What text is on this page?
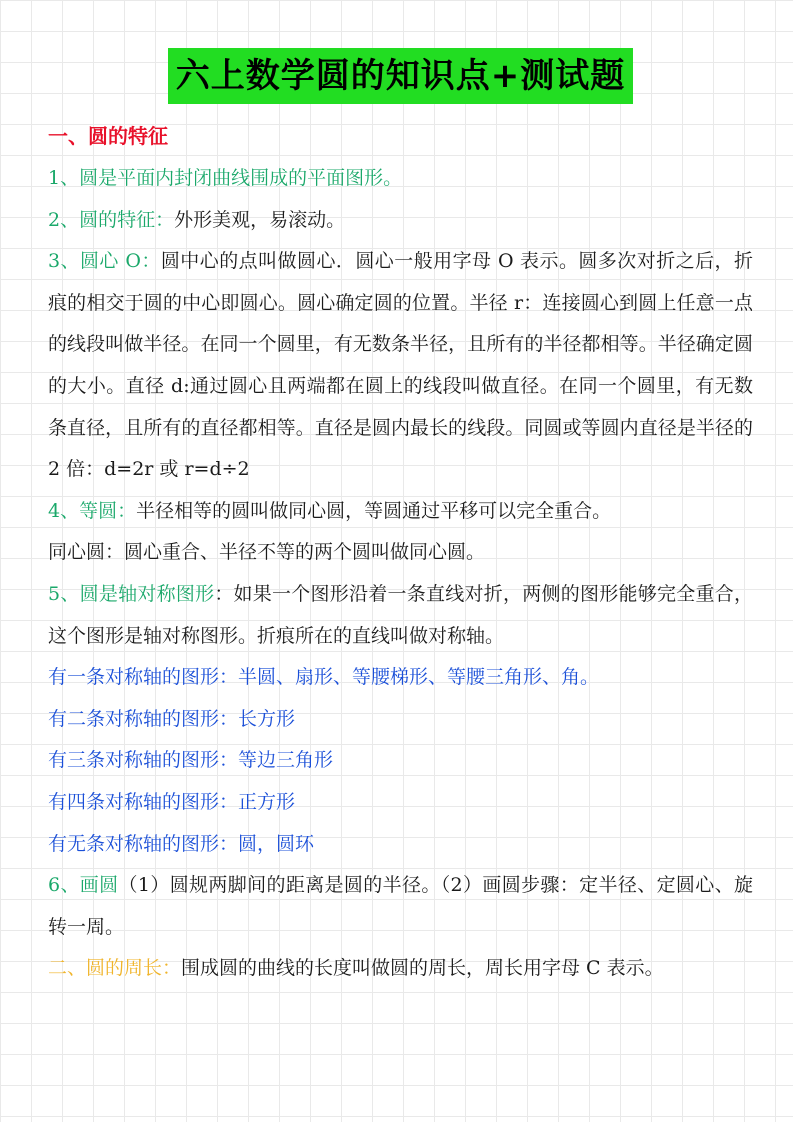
六上数学圆的知识点+测试题
一、圆的特征
1、圆是平面内封闭曲线围成的平面图形。
2、圆的特征：外形美观，易滚动。
3、圆心 O：圆中心的点叫做圆心．圆心一般用字母 O 表示。圆多次对折之后，折痕的相交于圆的中心即圆心。圆心确定圆的位置。半径 r：连接圆心到圆上任意一点的线段叫做半径。在同一个圆里，有无数条半径，且所有的半径都相等。半径确定圆的大小。直径 d:通过圆心且两端都在圆上的线段叫做直径。在同一个圆里，有无数条直径，且所有的直径都相等。直径是圆内最长的线段。同圆或等圆内直径是半径的 2 倍：d=2r 或 r=d÷2
4、等圆：半径相等的圆叫做同心圆，等圆通过平移可以完全重合。
同心圆：圆心重合、半径不等的两个圆叫做同心圆。
5、圆是轴对称图形：如果一个图形沿着一条直线对折，两侧的图形能够完全重合，这个图形是轴对称图形。折痕所在的直线叫做对称轴。
有一条对称轴的图形：半圆、扇形、等腰梯形、等腰三角形、角。
有二条对称轴的图形：长方形
有三条对称轴的图形：等边三角形
有四条对称轴的图形：正方形
有无条对称轴的图形：圆，圆环
6、画圆（1）圆规两脚间的距离是圆的半径。（2）画圆步骤：定半径、定圆心、旋转一周。
二、圆的周长：围成圆的曲线的长度叫做圆的周长，周长用字母 C 表示。
